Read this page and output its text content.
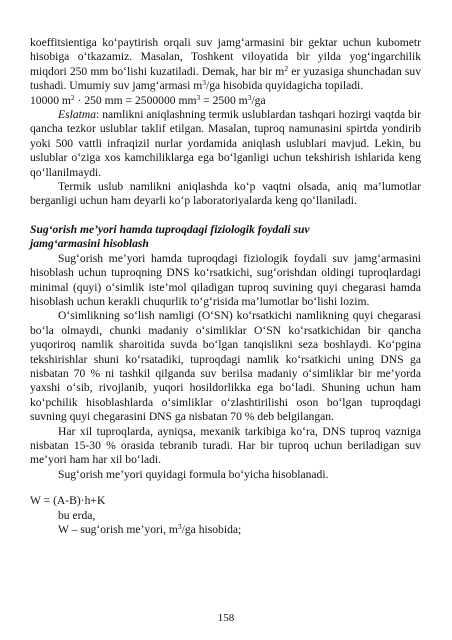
koeffitsientiga ko‘paytirish orqali suv jamg‘armasini bir gektar uchun kubometr hisobiga o‘tkazamiz. Masalan, Toshkent viloyatida bir yilda yog‘ingarchilik miqdori 250 mm bo‘lishi kuzatiladi. Demak, har bir $m^2$ er yuzasiga shunchadan suv tushadi. Umumiy suv jamg‘armasi $m^3/ga$ hisobida quyidagicha topiladi.

10000 $m^2 \cdot 250$ mm = 2500000 $mm^3 = 2500$ $m^3/ga$

Eslatma: namlikni aniqlashning termik uslublardan tashqari hozirgi vaqtda bir qancha tezkor uslublar taklif etilgan. Masalan, tuproq namunasini spirtda yondirib yoki 500 vattli infraqizil nurlar yordamida aniqlash uslublari mavjud. Lekin, bu uslublar o‘ziga xos kamchiliklarga ega bo‘lganligi uchun tekshirish ishlarida keng qo‘llanilmaydi.

Termik uslub namlikni aniqlashda ko‘p vaqtni olsada, aniq ma’lumotlar berganligi uchun ham deyarli ko‘p laboratoriyalarda keng qo‘llaniladi.

Sug‘orish me’yori hamda tuproqdagi fiziologik foydali suv

jamg‘armasini hisoblash

Sug‘orish me’yori hamda tuproqdagi fiziologik foydali suv jamg‘armasini hisoblash uchun tuproqning DNS ko‘rsatkichi, sug‘orishdan oldingi tuproqlardagi minimal (quyi) o‘simlik iste’mol qiladigan tuproq suvining quyi chegarasi hamda hisoblash uchun kerakli chuqurlik to‘g‘risida ma’lumotlar bo‘lishi lozim.

O‘simlikning so‘lish namligi (O‘SN) ko‘rsatkichi namlikning quyi chegarasi bo‘la olmaydi, chunki madaniy o‘simliklar O‘SN ko‘rsatkichidan bir qancha yuqoriroq namlik sharoitida suvda bo‘lgan tanqislikni seza boshlaydi. Ko‘pgina tekshirishlar shuni ko‘rsatadiki, tuproqdagi namlik ko‘rsatkichi uning DNS ga nisbatan 70 % ni tashkil qilganda suv berilsa madaniy o‘simliklar bir me’yorda yaxshi o‘sib, rivojlanib, yuqori hosildorlikka ega bo‘ladi. Shuning uchun ham ko‘pchilik hisoblashlarda o‘simliklar o‘zlashtirilishi oson bo‘lgan tuproqdagi suvning quyi chegarasini DNS ga nisbatan 70 % deb belgilangan.

Har xil tuproqlarda, ayniqsa, mexanik tarkibiga ko‘ra, DNS tuproq vazniga nisbatan 15-30 % orasida tebranib turadi. Har bir tuproq uchun beriladigan suv me’yori ham har xil bo‘ladi.

Sug‘orish me’yori quyidagi formula bo‘yicha hisoblanadi.

W = (A-B)·h+K

bu erda,

W – sug‘orish me’yori, $m^3/ga$ hisobida;

158
